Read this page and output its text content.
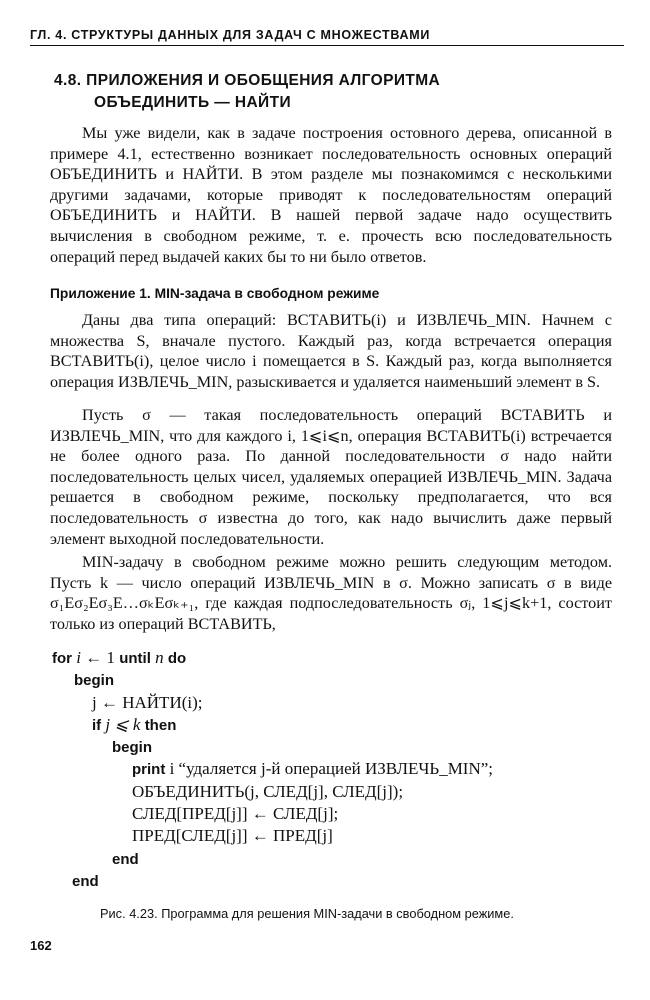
ГЛ. 4. СТРУКТУРЫ ДАННЫХ ДЛЯ ЗАДАЧ С МНОЖЕСТВАМИ
4.8. ПРИЛОЖЕНИЯ И ОБОБЩЕНИЯ АЛГОРИТМА
ОБЪЕДИНИТЬ — НАЙТИ
Мы уже видели, как в задаче построения остовного дерева, описанной в примере 4.1, естественно возникает последовательность основных операций ОБЪЕДИНИТЬ и НАЙТИ. В этом разделе мы познакомимся с несколькими другими задачами, которые приводят к последовательностям операций ОБЪЕДИНИТЬ и НАЙТИ. В нашей первой задаче надо осуществить вычисления в свободном режиме, т. е. прочесть всю последовательность операций перед выдачей каких бы то ни было ответов.
Приложение 1. MIN-задача в свободном режиме
Даны два типа операций: ВСТАВИТЬ(i) и ИЗВЛЕЧЬ_MIN. Начнем с множества S, вначале пустого. Каждый раз, когда встречается операция ВСТАВИТЬ(i), целое число i помещается в S. Каждый раз, когда выполняется операция ИЗВЛЕЧЬ_MIN, разыскивается и удаляется наименьший элемент в S.
Пусть σ — такая последовательность операций ВСТАВИТЬ и ИЗВЛЕЧЬ_MIN, что для каждого i, 1⩽i⩽n, операция ВСТАВИТЬ(i) встречается не более одного раза. По данной последовательности σ надо найти последовательность целых чисел, удаляемых операцией ИЗВЛЕЧЬ_MIN. Задача решается в свободном режиме, поскольку предполагается, что вся последовательность σ известна до того, как надо вычислить даже первый элемент выходной последовательности.
MIN-задачу в свободном режиме можно решить следующим методом. Пусть k — число операций ИЗВЛЕЧЬ_MIN в σ. Можно записать σ в виде σ₁Eσ₂Eσ₃E…σₖEσₖ₊₁, где каждая подпоследовательность σⱼ, 1⩽j⩽k+1, состоит только из операций ВСТАВИТЬ,
for i ← 1 until n do
begin
j ← НАЙТИ(i);
if j ⩽ k then
begin
print i “удаляется j-й операцией ИЗВЛЕЧЬ_MIN”;
ОБЪЕДИНИТЬ(j, СЛЕД[j], СЛЕД[j]);
СЛЕД[ПРЕД[j]] ← СЛЕД[j];
ПРЕД[СЛЕД[j]] ← ПРЕД[j]
end
end
Рис. 4.23. Программа для решения MIN-задачи в свободном режиме.
162
